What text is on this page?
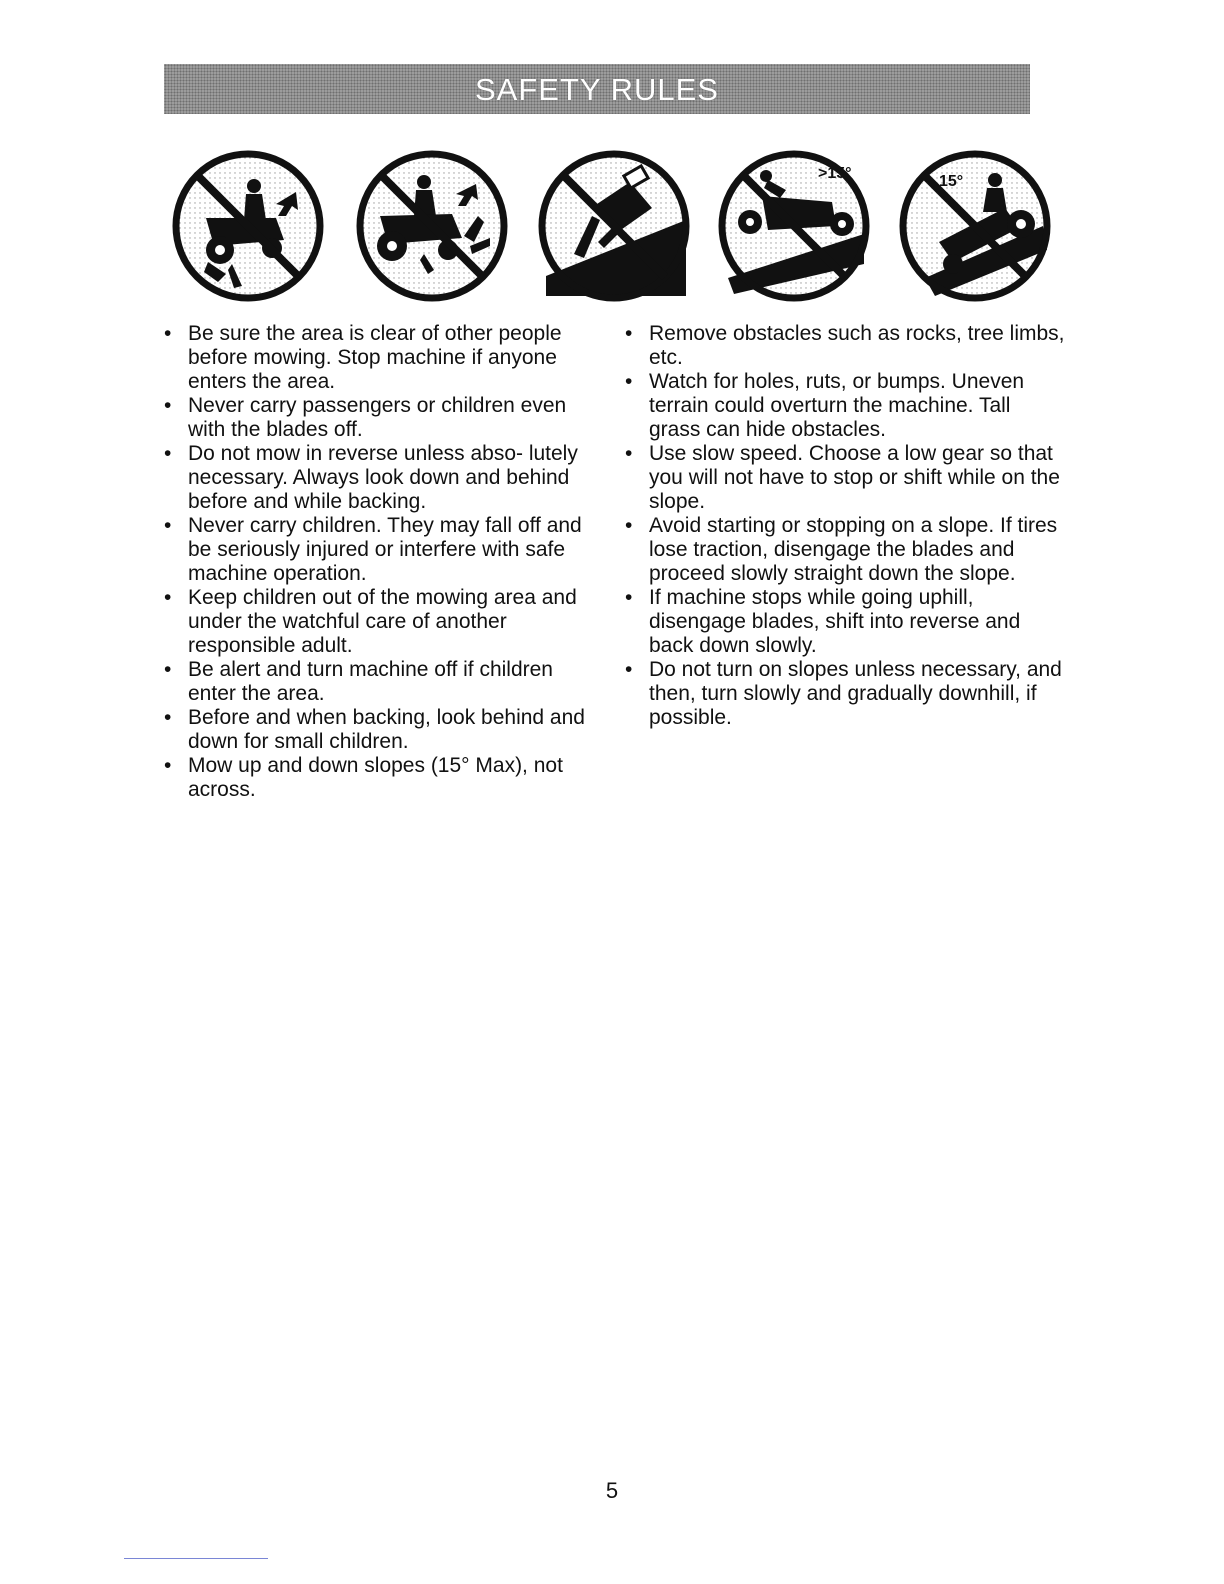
SAFETY RULES
>15°	15°
• Be sure the area is clear of other people before mowing. Stop machine if anyone enters the area.
• Never carry passengers or children even with the blades off.
• Do not mow in reverse unless abso- lutely necessary. Always look down and behind before and while backing.
• Never carry children. They may fall off and be seriously injured or interfere with safe machine operation.
• Keep children out of the mowing area and under the watchful care of another responsible adult.
• Be alert and turn machine off if children enter the area.
• Before and when backing, look behind and down for small children.
• Mow up and down slopes (15° Max), not across.
• Remove obstacles such as rocks, tree limbs, etc.
• Watch for holes, ruts, or bumps. Uneven terrain could overturn the machine. Tall grass can hide obstacles.
• Use slow speed. Choose a low gear so that you will not have to stop or shift while on the slope.
• Avoid starting or stopping on a slope. If tires lose traction, disengage the blades and proceed slowly straight down the slope.
• If machine stops while going uphill, disengage blades, shift into reverse and back down slowly.
• Do not turn on slopes unless necessary, and then, turn slowly and gradually downhill, if possible.
5
